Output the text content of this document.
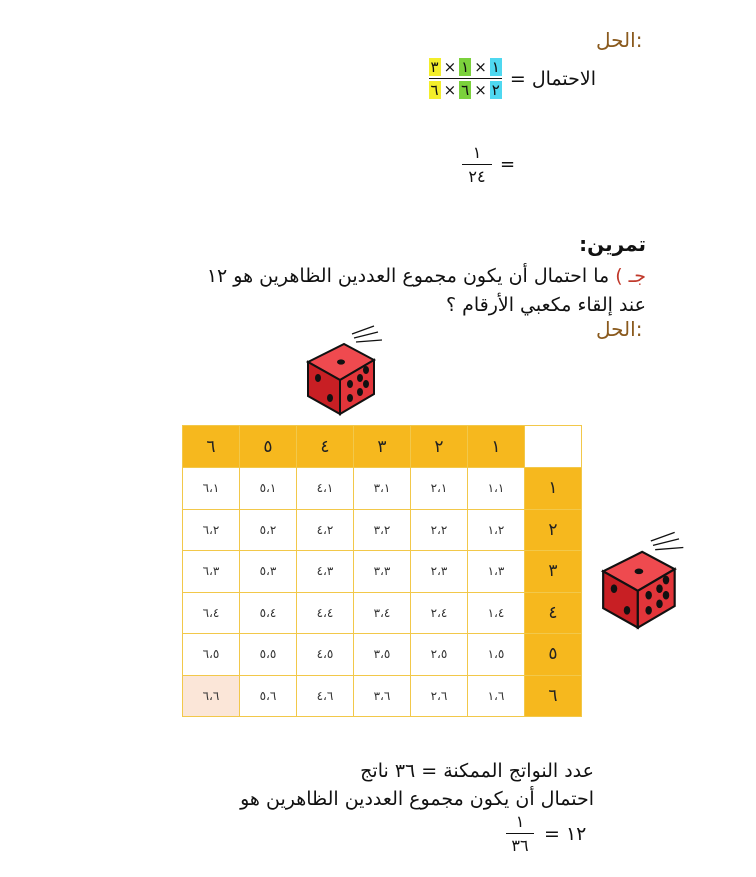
الحل:
الاحتمال =
$\frac{١\times ١\times ٣}{٢\times ٦\times ٦}$
$\frac{١}{٢٤}$ =
تمرين:
جـ ) ما احتمال أن يكون مجموع العددين الظاهرين هو ١٢
عند إلقاء مكعبي الأرقام ؟
الحل:
٦	٥	٤	٣	٢	١	
٦،١	٥،١	٤،١	٣،١	٢،١	١،١	١
٦،٢	٥،٢	٤،٢	٣،٢	٢،٢	١،٢	٢
٦،٣	٥،٣	٤،٣	٣،٣	٢،٣	١،٣	٣
٦،٤	٥،٤	٤،٤	٣،٤	٢،٤	١،٤	٤
٦،٥	٥،٥	٤،٥	٣،٥	٢،٥	١،٥	٥
٦،٦	٥،٦	٤،٦	٣،٦	٢،٦	١،٦	٦
عدد النواتج الممكنة = ٣٦ ناتج
احتمال أن يكون مجموع العددين الظاهرين هو
$\frac{١}{٣٦}$ ١٢ =
